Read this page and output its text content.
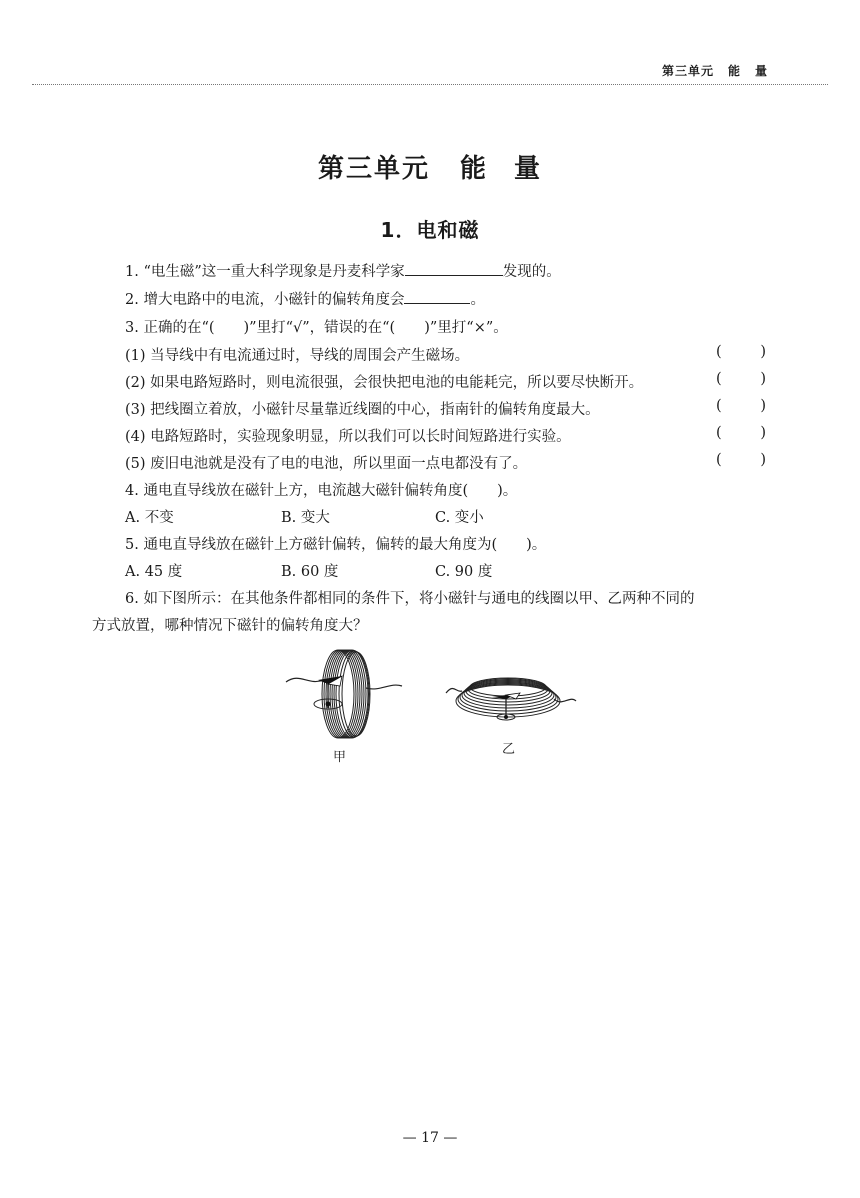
第三单元 能 量
第三单元 能 量
1．电和磁
1. “电生磁”这一重大科学现象是丹麦科学家	发现的。
2. 增大电路中的电流，小磁针的偏转角度会	。
3. 正确的在“(　　)”里打“√”，错误的在“(　　)”里打“×”。
(1) 当导线中有电流通过时，导线的周围会产生磁场。	(	)
(2) 如果电路短路时，则电流很强，会很快把电池的电能耗完，所以要尽快断开。	(	)
(3) 把线圈立着放，小磁针尽量靠近线圈的中心，指南针的偏转角度最大。	(	)
(4) 电路短路时，实验现象明显，所以我们可以长时间短路进行实验。	(	)
(5) 废旧电池就是没有了电的电池，所以里面一点电都没有了。	(	)
4. 通电直导线放在磁针上方，电流越大磁针偏转角度(　　)。
A. 不变	B. 变大	C. 变小
5. 通电直导线放在磁针上方磁针偏转，偏转的最大角度为(　　)。
A. 45 度	B. 60 度	C. 90 度
6. 如下图所示：在其他条件都相同的条件下，将小磁针与通电的线圈以甲、乙两种不同的
方式放置，哪种情况下磁针的偏转角度大？
甲
乙
— 17 —
